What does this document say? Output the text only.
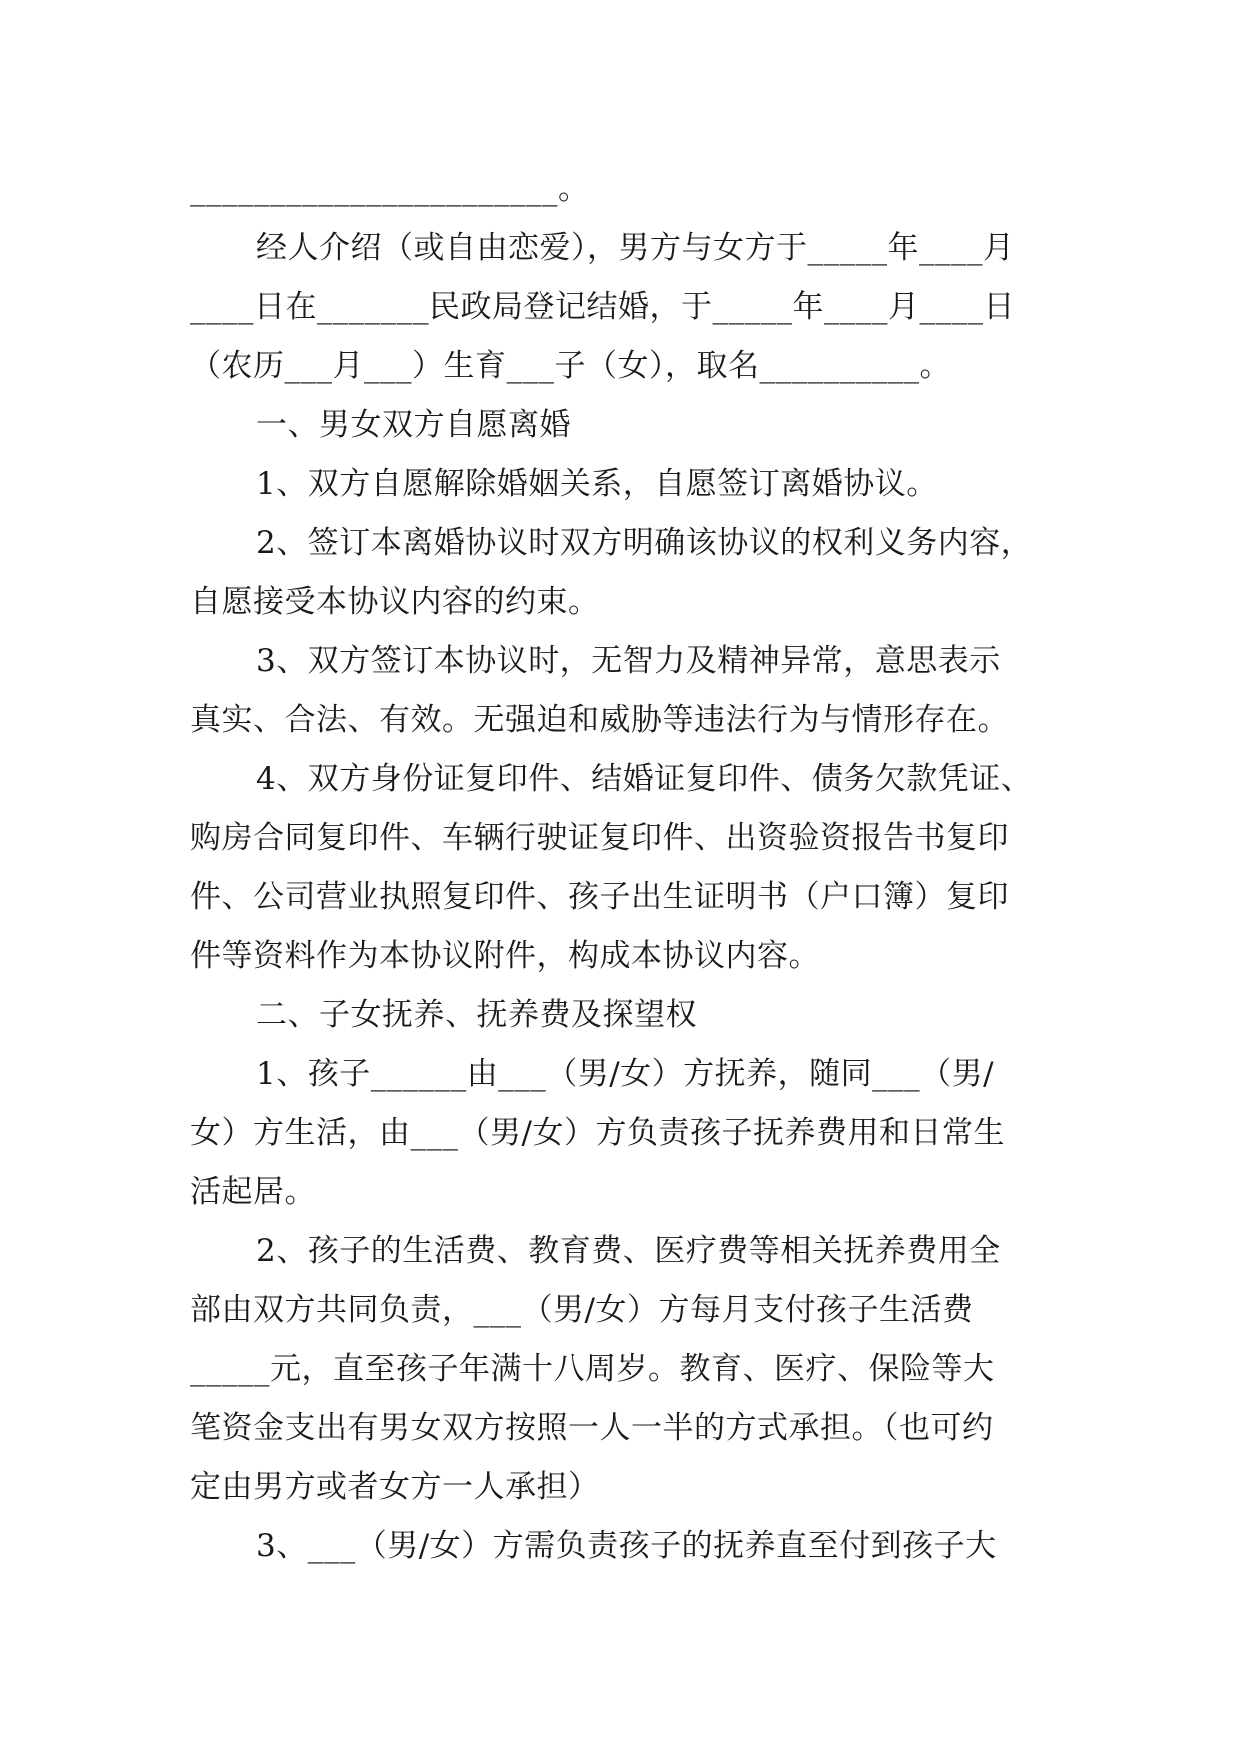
_______________________。
经人介绍（或自由恋爱），男方与女方于_____年____月
____日在_______民政局登记结婚，于_____年____月____日
（农历___月___）生育___子（女），取名__________。
一、男女双方自愿离婚
1、双方自愿解除婚姻关系，自愿签订离婚协议。
2、签订本离婚协议时双方明确该协议的权利义务内容，
自愿接受本协议内容的约束。
3、双方签订本协议时，无智力及精神异常，意思表示
真实、合法、有效。无强迫和威胁等违法行为与情形存在。
4、双方身份证复印件、结婚证复印件、债务欠款凭证、
购房合同复印件、车辆行驶证复印件、出资验资报告书复印
件、公司营业执照复印件、孩子出生证明书（户口簿）复印
件等资料作为本协议附件，构成本协议内容。
二、子女抚养、抚养费及探望权
1、孩子______由___（男/女）方抚养，随同___（男/
女）方生活，由___（男/女）方负责孩子抚养费用和日常生
活起居。
2、孩子的生活费、教育费、医疗费等相关抚养费用全
部由双方共同负责，___（男/女）方每月支付孩子生活费
_____元，直至孩子年满十八周岁。教育、医疗、保险等大
笔资金支出有男女双方按照一人一半的方式承担。（也可约
定由男方或者女方一人承担）
3、___（男/女）方需负责孩子的抚养直至付到孩子大
